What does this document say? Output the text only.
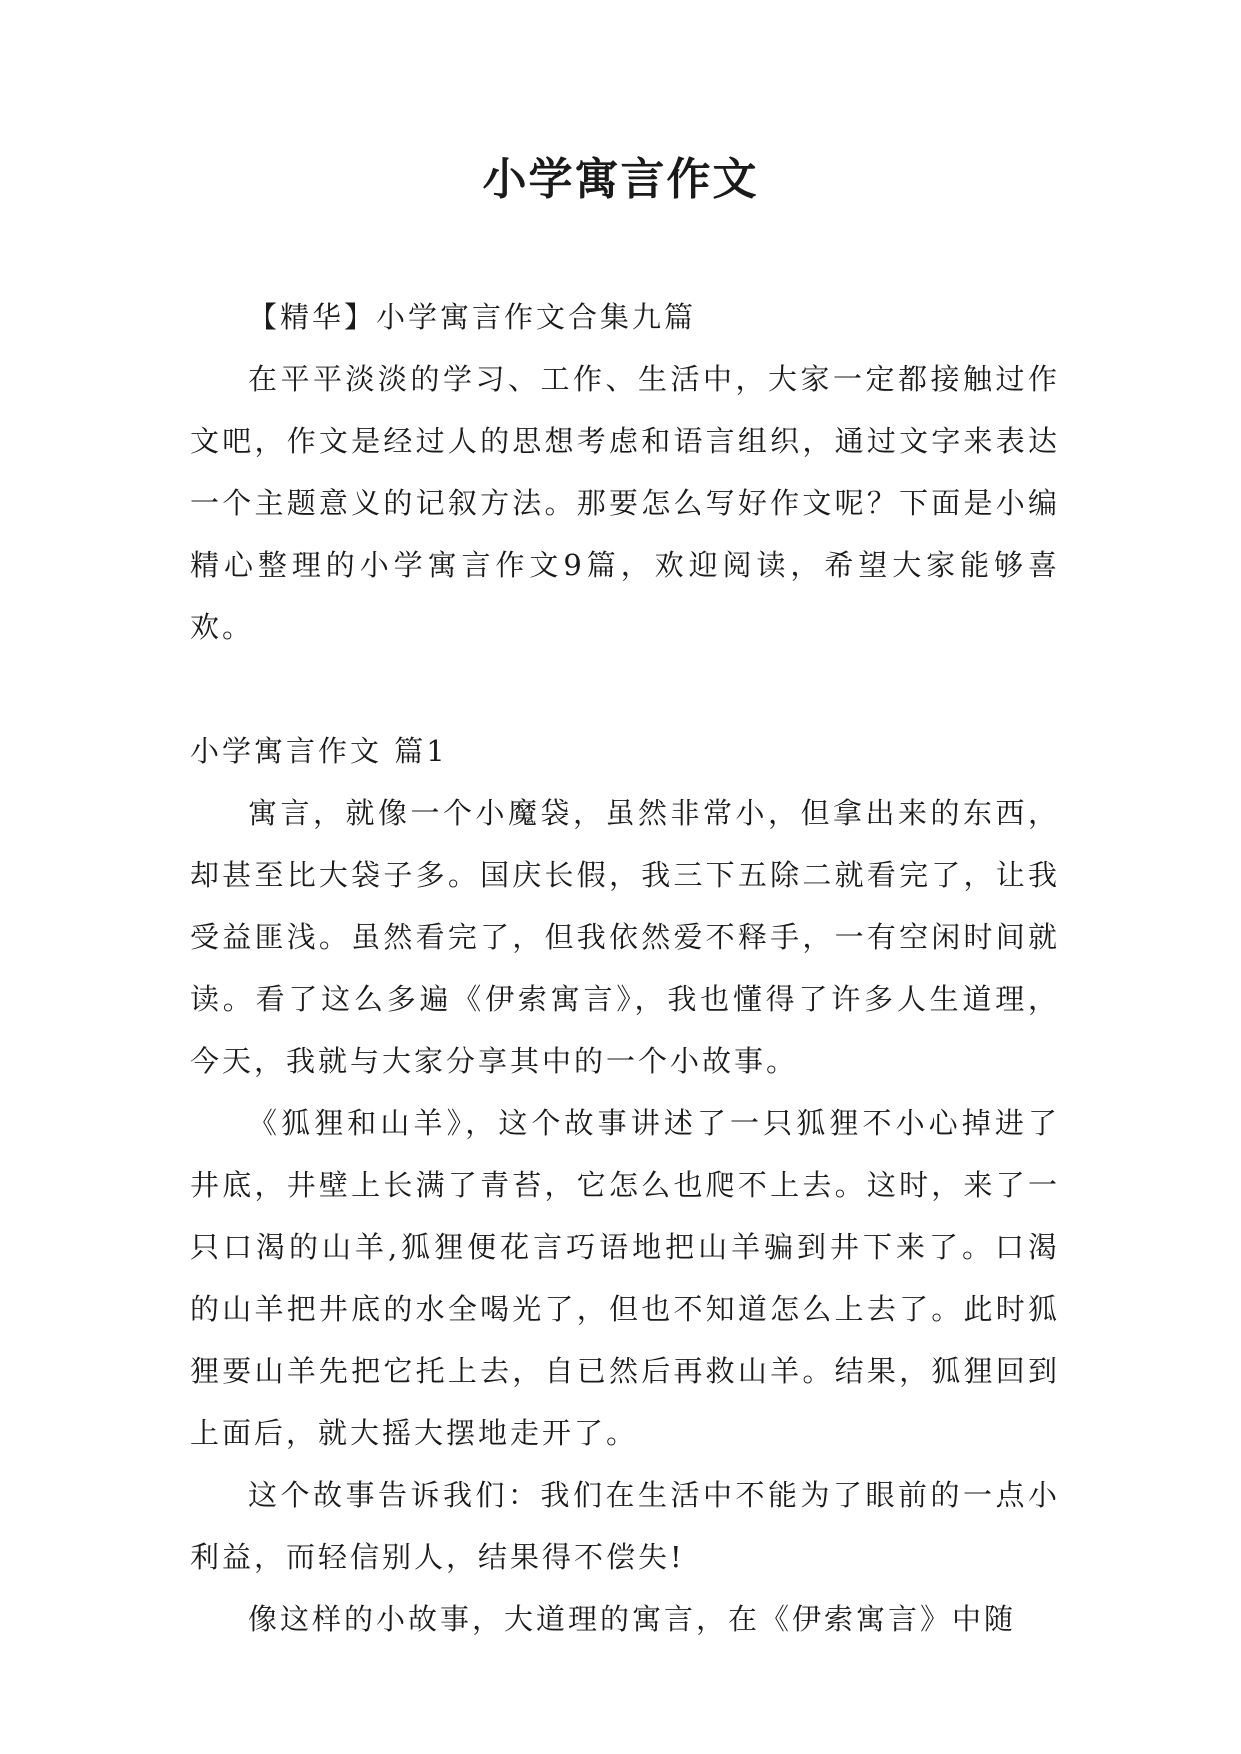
小学寓言作文

【精华】小学寓言作文合集九篇

在平平淡淡的学习、工作、生活中，大家一定都接触过作文吧，作文是经过人的思想考虑和语言组织，通过文字来表达一个主题意义的记叙方法。那要怎么写好作文呢？下面是小编精心整理的小学寓言作文9篇，欢迎阅读，希望大家能够喜欢。

小学寓言作文 篇1

寓言，就像一个小魔袋，虽然非常小，但拿出来的东西，却甚至比大袋子多。国庆长假，我三下五除二就看完了，让我受益匪浅。虽然看完了，但我依然爱不释手，一有空闲时间就读。看了这么多遍《伊索寓言》，我也懂得了许多人生道理，今天，我就与大家分享其中的一个小故事。

《狐狸和山羊》，这个故事讲述了一只狐狸不小心掉进了井底，井壁上长满了青苔，它怎么也爬不上去。这时，来了一只口渴的山羊,狐狸便花言巧语地把山羊骗到井下来了。口渴的山羊把井底的水全喝光了，但也不知道怎么上去了。此时狐狸要山羊先把它托上去，自已然后再救山羊。结果，狐狸回到上面后，就大摇大摆地走开了。

这个故事告诉我们：我们在生活中不能为了眼前的一点小利益，而轻信别人，结果得不偿失!

像这样的小故事，大道理的寓言，在《伊索寓言》中随
